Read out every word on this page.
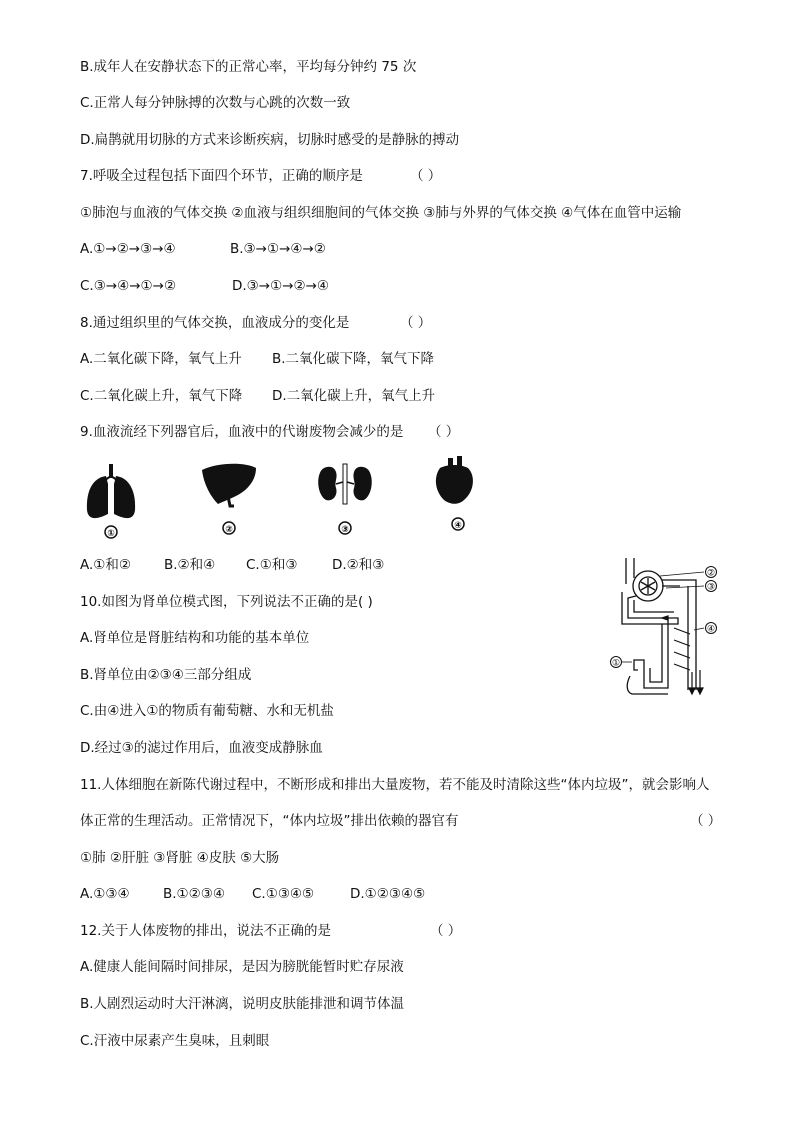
B.成年人在安静状态下的正常心率，平均每分钟约 75 次
C.正常人每分钟脉搏的次数与心跳的次数一致
D.扁鹊就用切脉的方式来诊断疾病，切脉时感受的是静脉的搏动
7.呼吸全过程包括下面四个环节，正确的顺序是	（ ）
①肺泡与血液的气体交换 ②血液与组织细胞间的气体交换 ③肺与外界的气体交换 ④气体在血管中运输
A.①→②→③→④	B.③→①→④→②
C.③→④→①→②	D.③→①→②→④
8.通过组织里的气体交换，血液成分的变化是	（ ）
A.二氧化碳下降，氧气上升 B.二氧化碳下降，氧气下降
C.二氧化碳上升，氧气下降 D.二氧化碳上升，氧气上升
9.血液流经下列器官后，血液中的代谢废物会减少的是 （ ）
①	②	③	④
A.①和② B.②和④ C.①和③	D.②和③
10.如图为肾单位模式图，下列说法不正确的是( )
A.肾单位是肾脏结构和功能的基本单位
B.肾单位由②③④三部分组成
C.由④进入①的物质有葡萄糖、水和无机盐
D.经过③的滤过作用后，血液变成静脉血
②
③
④
①
11.人体细胞在新陈代谢过程中，不断形成和排出大量废物，若不能及时清除这些“体内垃圾”，就会影响人
体正常的生理活动。正常情况下，“体内垃圾”排出依赖的器官有	（ ）
①肺 ②肝脏 ③肾脏 ④皮肤 ⑤大肠
A.①③④ B.①②③④ C.①③④⑤	D.①②③④⑤
12.关于人体废物的排出，说法不正确的是	（ ）
A.健康人能间隔时间排尿，是因为膀胱能暂时贮存尿液
B.人剧烈运动时大汗淋漓，说明皮肤能排泄和调节体温
C.汗液中尿素产生臭味，且刺眼
